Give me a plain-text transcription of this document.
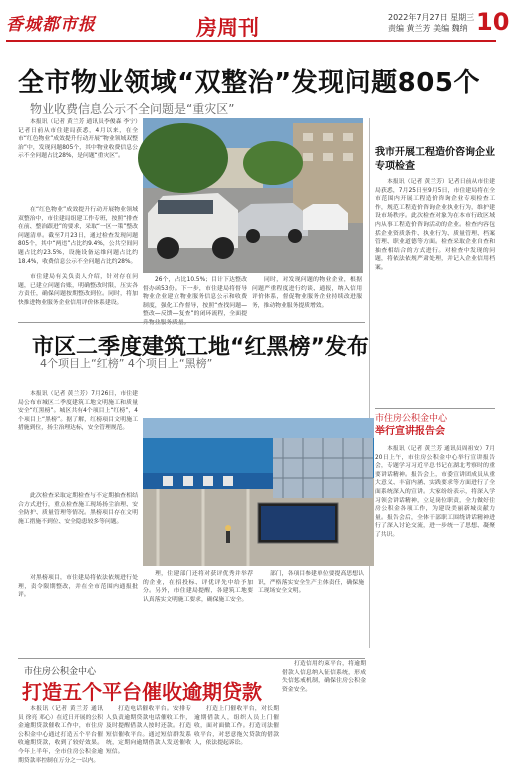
香城都市报	房周刊	2022年7月27日 星期三
责编 黄兰芳 美编 魏纳 10
全市物业领域“双整治”发现问题805个
物业收费信息公示不全问题是“重灾区”

本报讯（记者 黄兰芳 通讯员李俊森 李宁）记者日前从市住建局获悉，4月以来，在全市“红色物业”成效提升行动开展“物业领域双整治”中，发现问题805个，其中物业收费信息公示不全问题占比28%，是问题“重灾区”。

在“红色物业”成效提升行动开展物业领域双整治中，市住建局组建工作专班，按照“排查在前、整治跟进”的要求，采取“一区一策”整改问题清单。截至7月23日，通过检查发现问题805个，其中“两违”占比约9.4%，公共空间问题占比约23.5%，设施设备运维问题占比约18.4%，收费信息公示不全问题占比约28%。

市住建局有关负责人介绍，针对存在问题，已建立问题台账，明确整改时限，压实各方责任，确保问题按期整改到位。同时，将加快推进物业服务企业信用评价体系建设。

26个，占比10.5%；目计下达整改督办函53份。下一步，市住建局将督导物业企业建立物业服务信息公示和收费制度，强化工作督导，按照“查找问题—整改—反馈—复查”的闭环流程，全面提

同时，对发现问题的物业企业，根据问题严重程度进行约谈、通报，纳入信用评价体系，督促物业服务企业持续改进服务，推动物业服务提质增效。

我市开展工程造价咨询企业专项检查

本报讯（记者 黄兰芳）记者日前从市住建局获悉，7月25日至9月5日，市住建局将在全市范围内开展工程造价咨询企业专项检查工作，规范工程造价咨询企业执业行为，维护建设市场秩序。此次检查对象为在本市行政区域内从事工程造价咨询活动的企业。检查内容包括企业资质条件、执业行为、质量管理、档案管理、职业道德等方面。检查采取企业自查和抽查相结合的方式进行。对检查中发现的问题，将依法依规严肃处理，并记入企业信用档案。

市区二季度建筑工地“红黑榜”发布
4个项目上“红榜” 4个项目上“黑榜”

本报讯（记者 黄兰芳）7月26日，市住建局公布市城区二季度建筑工地文明施工和质量安全“红黑榜”。城区共有4个项目上“红榜”，4个项目上“黑榜”。据了解，红榜项目文明施工措施到位，扬尘治理达标，安全管理规范。

此次检查采取定期检查与不定期抽查相结合方式进行，重点检查施工现场扬尘治理、安全防护、质量管理等情况。黑榜项目存在文明施工措施不到位、安全隐患较多等问题。

对黑榜项目，市住建局将依法依规进行处理，责令限期整改，并在全市范围内通报批评。

理，住建部门还将对获评优秀并举荐的企业，在招投标、评优评先中给予加分。另外，市住建局提醒，各建筑工地要认真落实文明施工要求，确保施工安全。

部门，各项目参建单位要提高思想认识，严格落实安全生产主体责任，确保施工现场安全文明。

市住房公积金中心
举行宣讲报告会

本报讯（记者 黄兰芳 通讯员周祖安）7月20日上午，市住房公积金中心举行宣讲报告会，专题学习习近平总书记在湖北考察时的重要讲话精神。报告会上，市委宣讲团成员从重大意义、丰富内涵、实践要求等方面进行了全面系统深入的宣讲。大家纷纷表示，将深入学习领会讲话精神，立足岗位职责，全力做好住房公积金各项工作，为建设美丽新城贡献力量。报告会后，全体干部职工围绕讲话精神进行了深入讨论交流，进一步统一了思想、凝聚了共识。

市住房公积金中心
打造五个平台催收逾期贷款

本报讯（记者 黄兰芳 通讯员 徐亮 邓心）在近日开展的公积金逾期贷款催收工作中，市住房公积金中心通过打造五个平台催收逾期贷款，收到了较好效果。今年上半年，全市住房公积金逾期贷款率控制在万分之一以内。

打造电话催收平台。安排专人负责逾期贷款电话催收工作，及时提醒借款人按时还款。打造短信催收平台。通过短信群发系统，定期向逾期借款人发送催收短信。

打造上门催收平台，对长期逾期借款人，组织人员上门催收，面对面做工作。打造司法催收平台，对恶意拖欠贷款的借款人，依法提起诉讼。

打造信用约束平台，将逾期借款人信息纳入征信系统，形成失信惩戒机制，确保住房公积金资金安全。
